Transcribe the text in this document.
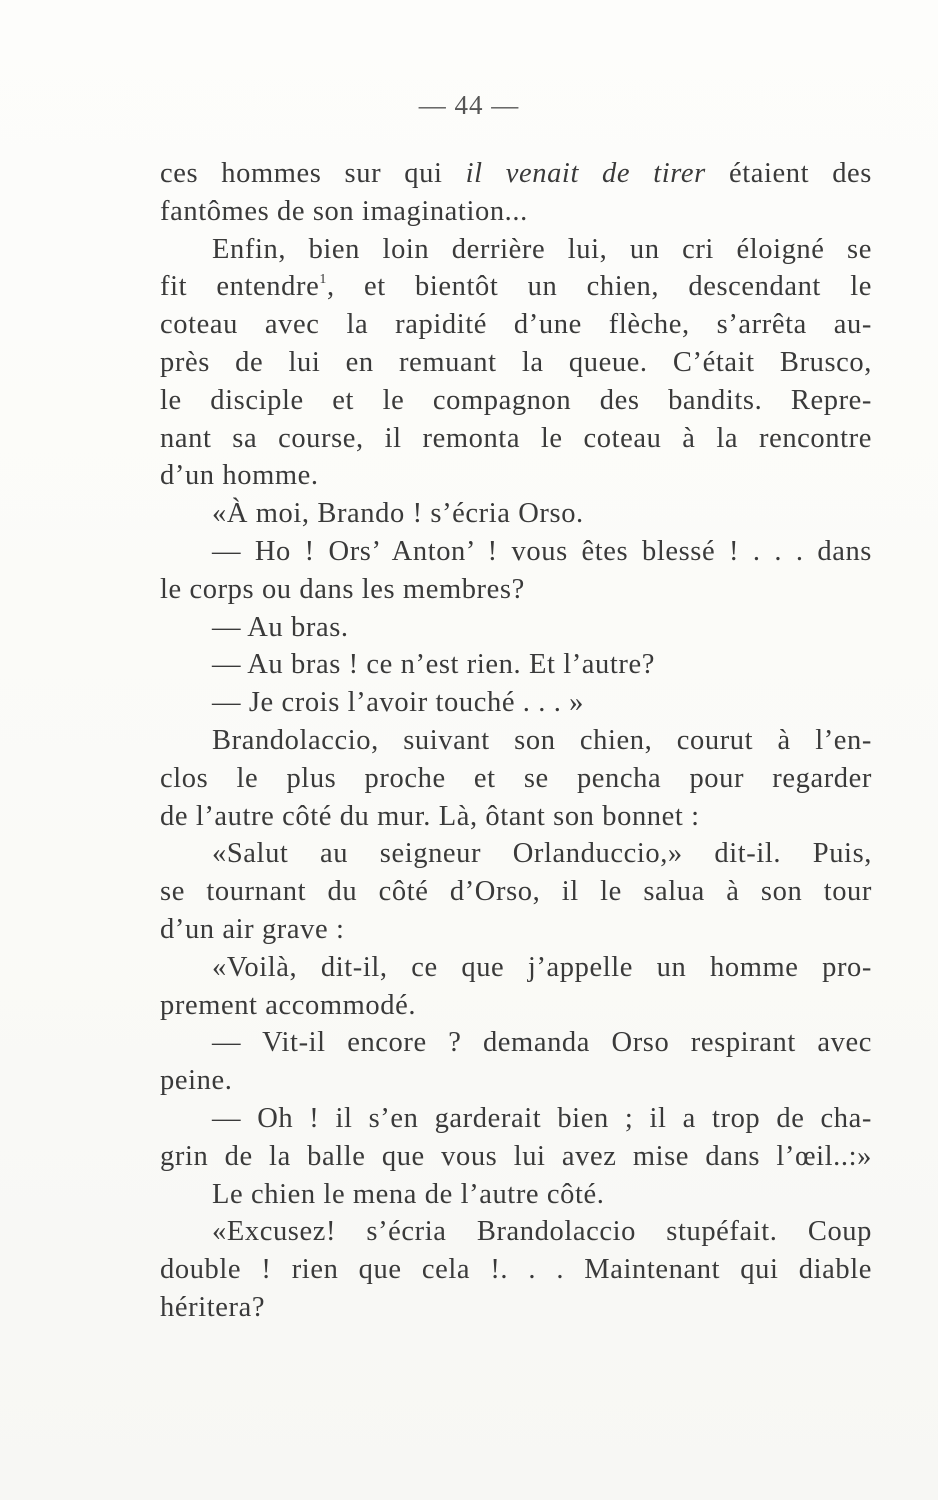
— 44 —
ces hommes sur qui il venait de tirer étaient des
fantômes de son imagination...
Enfin, bien loin derrière lui, un cri éloigné se
fit entendre$^1$, et bientôt un chien, descendant le
coteau avec la rapidité d’une flèche, s’arrêta au-
près de lui en remuant la queue. C’était Brusco,
le disciple et le compagnon des bandits. Repre-
nant sa course, il remonta le coteau à la rencontre
d’un homme.
«À moi, Brando ! s’écria Orso.
— Ho ! Ors’ Anton’ ! vous êtes blessé ! . . . dans
le corps ou dans les membres?
— Au bras.
— Au bras ! ce n’est rien. Et l’autre?
— Je crois l’avoir touché . . . »
Brandolaccio, suivant son chien, courut à l’en-
clos le plus proche et se pencha pour regarder
de l’autre côté du mur. Là, ôtant son bonnet :
«Salut au seigneur Orlanduccio,» dit-il. Puis,
se tournant du côté d’Orso, il le salua à son tour
d’un air grave :
«Voilà, dit-il, ce que j’appelle un homme pro-
prement accommodé.
— Vit-il encore ? demanda Orso respirant avec
peine.
— Oh ! il s’en garderait bien ; il a trop de cha-
grin de la balle que vous lui avez mise dans l’œil..:»
Le chien le mena de l’autre côté.
«Excusez! s’écria Brandolaccio stupéfait. Coup
double ! rien que cela !. . . Maintenant qui diable
héritera?
